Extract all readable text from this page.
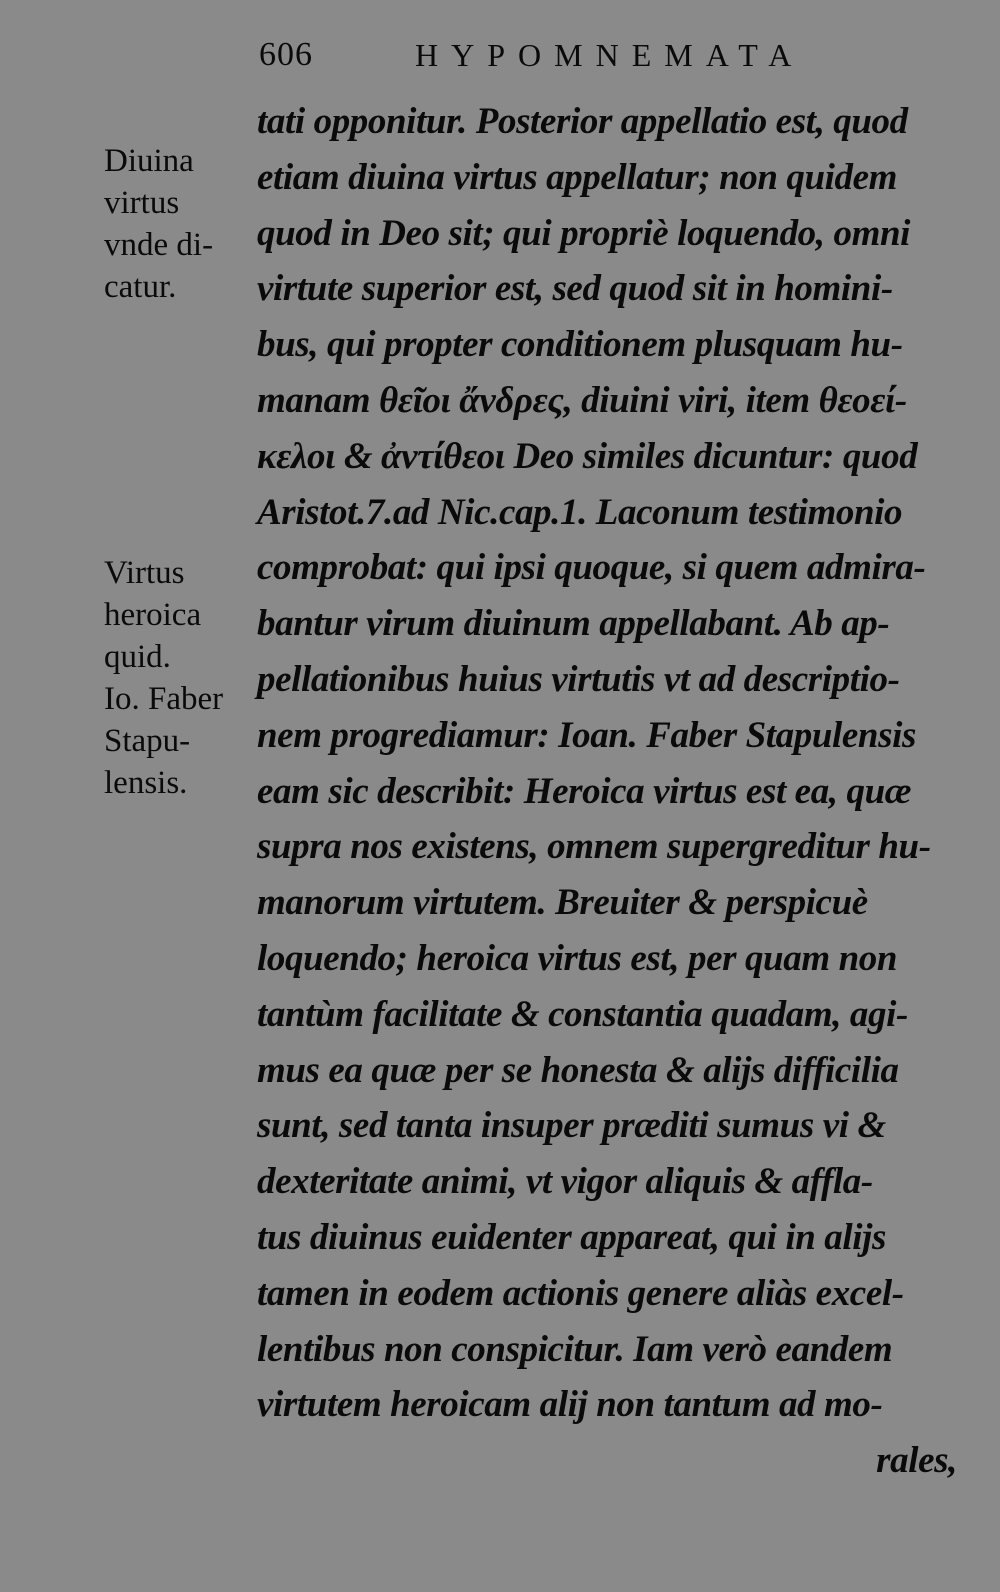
606	HYPOMNEMATA
Diuina
virtus
vnde di-
catur.
Virtus
heroica
quid.
Io. Faber
Stapu-
lensis.
tati opponitur. Posterior appellatio est, quod
etiam diuina virtus appellatur; non quidem
quod in Deo sit; qui propriè loquendo, omni
virtute superior est, sed quod sit in homini-
bus, qui propter conditionem plusquam hu-
manam θεῖοι ἄνδρες, diuini viri, item θεοεί-
κελοι & ἀντίθεοι Deo similes dicuntur: quod
Aristot.7.ad Nic.cap.1. Laconum testimonio
comprobat: qui ipsi quoque, si quem admira-
bantur virum diuinum appellabant. Ab ap-
pellationibus huius virtutis vt ad descriptio-
nem progrediamur: Ioan. Faber Stapulensis
eam sic describit: Heroica virtus est ea, quæ
supra nos existens, omnem supergreditur hu-
manorum virtutem. Breuiter & perspicuè
loquendo; heroica virtus est, per quam non
tantùm facilitate & constantia quadam, agi-
mus ea quæ per se honesta & alijs difficilia
sunt, sed tanta insuper præditi sumus vi &
dexteritate animi, vt vigor aliquis & affla-
tus diuinus euidenter appareat, qui in alijs
tamen in eodem actionis genere aliàs excel-
lentibus non conspicitur. Iam verò eandem
virtutem heroicam alij non tantum ad mo-
rales,
